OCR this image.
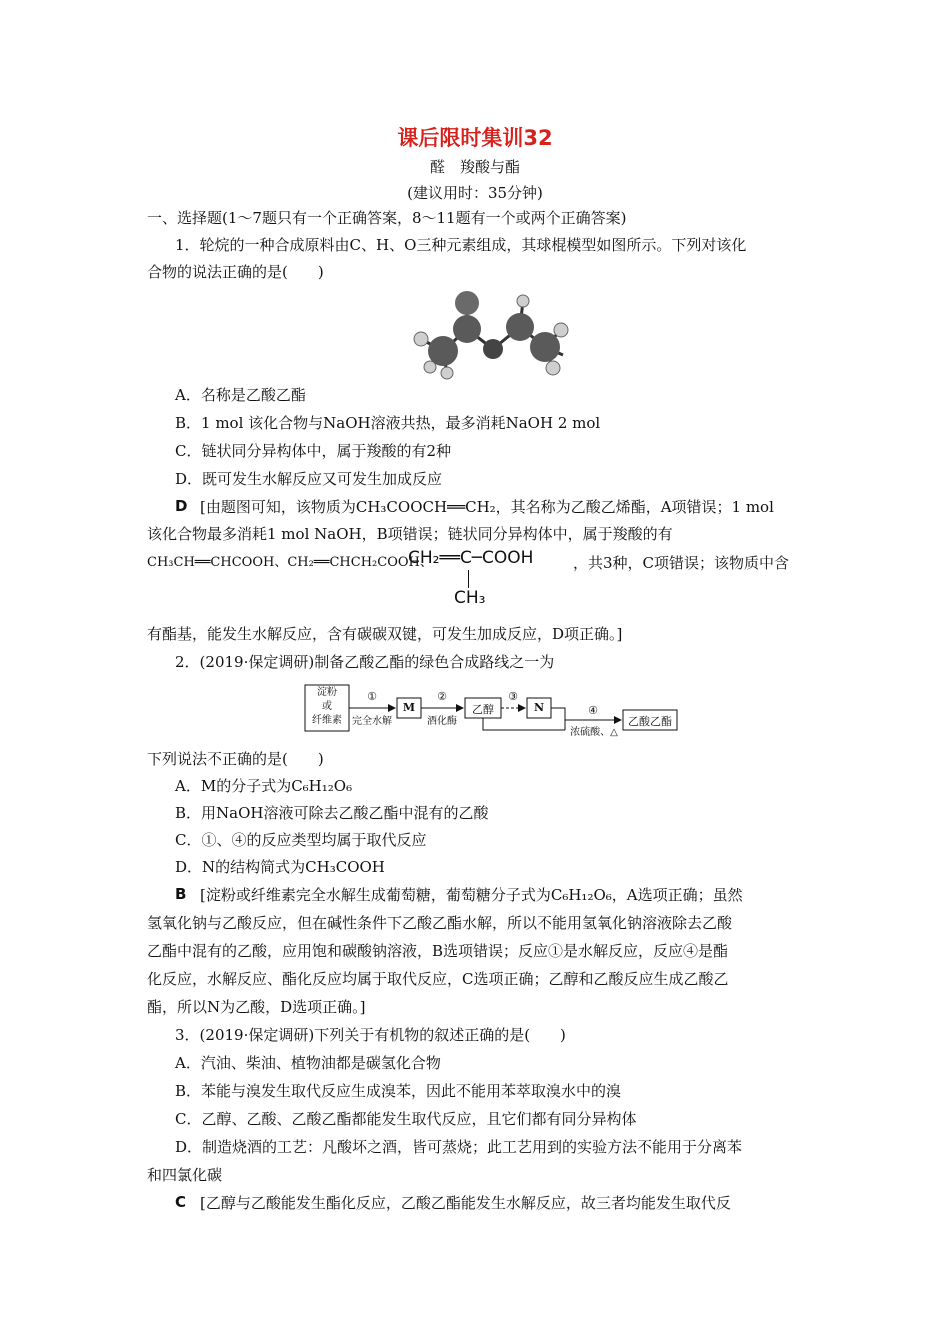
课后限时集训32
醛　羧酸与酯
(建议用时：35分钟)
一、选择题(1～7题只有一个正确答案，8～11题有一个或两个正确答案)
1．轮烷的一种合成原料由C、H、O三种元素组成，其球棍模型如图所示。下列对该化
合物的说法正确的是(　　)
A．名称是乙酸乙酯
B．1 mol 该化合物与NaOH溶液共热，最多消耗NaOH 2 mol
C．链状同分异构体中，属于羧酸的有2种
D．既可发生水解反应又可发生加成反应
D [由题图可知，该物质为CH₃COOCH══CH₂，其名称为乙酸乙烯酯，A项错误；1 mol
该化合物最多消耗1 mol NaOH，B项错误；链状同分异构体中，属于羧酸的有
CH₃CH══CHCOOH、CH₂══CHCH₂COOH、
CH₂══C─COOH
CH₃
，共3种，C项错误；该物质中含
有酯基，能发生水解反应，含有碳碳双键，可发生加成反应，D项正确。]
2．(2019·保定调研)制备乙酸乙酯的绿色合成路线之一为
淀粉
或
纤维素
①
完全水解
M
②
酒化酶
乙醇
③
N	④
浓硫酸、△
乙酸乙酯
下列说法不正确的是(　　)
A．M的分子式为C₆H₁₂O₆
B．用NaOH溶液可除去乙酸乙酯中混有的乙酸
C．①、④的反应类型均属于取代反应
D．N的结构简式为CH₃COOH
B [淀粉或纤维素完全水解生成葡萄糖，葡萄糖分子式为C₆H₁₂O₆，A选项正确；虽然
氢氧化钠与乙酸反应，但在碱性条件下乙酸乙酯水解，所以不能用氢氧化钠溶液除去乙酸
乙酯中混有的乙酸，应用饱和碳酸钠溶液，B选项错误；反应①是水解反应，反应④是酯
化反应，水解反应、酯化反应均属于取代反应，C选项正确；乙醇和乙酸反应生成乙酸乙
酯，所以N为乙酸，D选项正确。]
3．(2019·保定调研)下列关于有机物的叙述正确的是(　　)
A．汽油、柴油、植物油都是碳氢化合物
B．苯能与溴发生取代反应生成溴苯，因此不能用苯萃取溴水中的溴
C．乙醇、乙酸、乙酸乙酯都能发生取代反应，且它们都有同分异构体
D．制造烧酒的工艺：凡酸坏之酒，皆可蒸烧；此工艺用到的实验方法不能用于分离苯
和四氯化碳
C [乙醇与乙酸能发生酯化反应，乙酸乙酯能发生水解反应，故三者均能发生取代反
